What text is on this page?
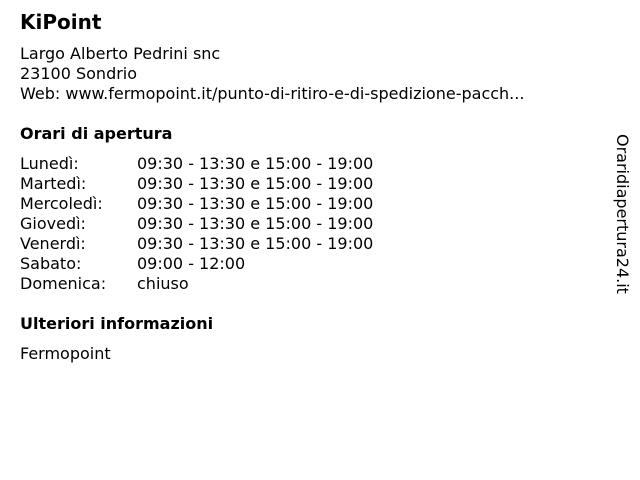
KiPoint
Largo Alberto Pedrini snc
23100 Sondrio
Web: www.fermopoint.it/punto-di-ritiro-e-di-spedizione-pacch...
Orari di apertura
Lunedì:	09:30 - 13:30 e 15:00 - 19:00
Martedì:	09:30 - 13:30 e 15:00 - 19:00
Mercoledì:	09:30 - 13:30 e 15:00 - 19:00
Giovedì:	09:30 - 13:30 e 15:00 - 19:00
Venerdì:	09:30 - 13:30 e 15:00 - 19:00
Sabato:	09:00 - 12:00
Domenica:	chiuso
Ulteriori informazioni
Fermopoint
Oraridiapertura24.it
